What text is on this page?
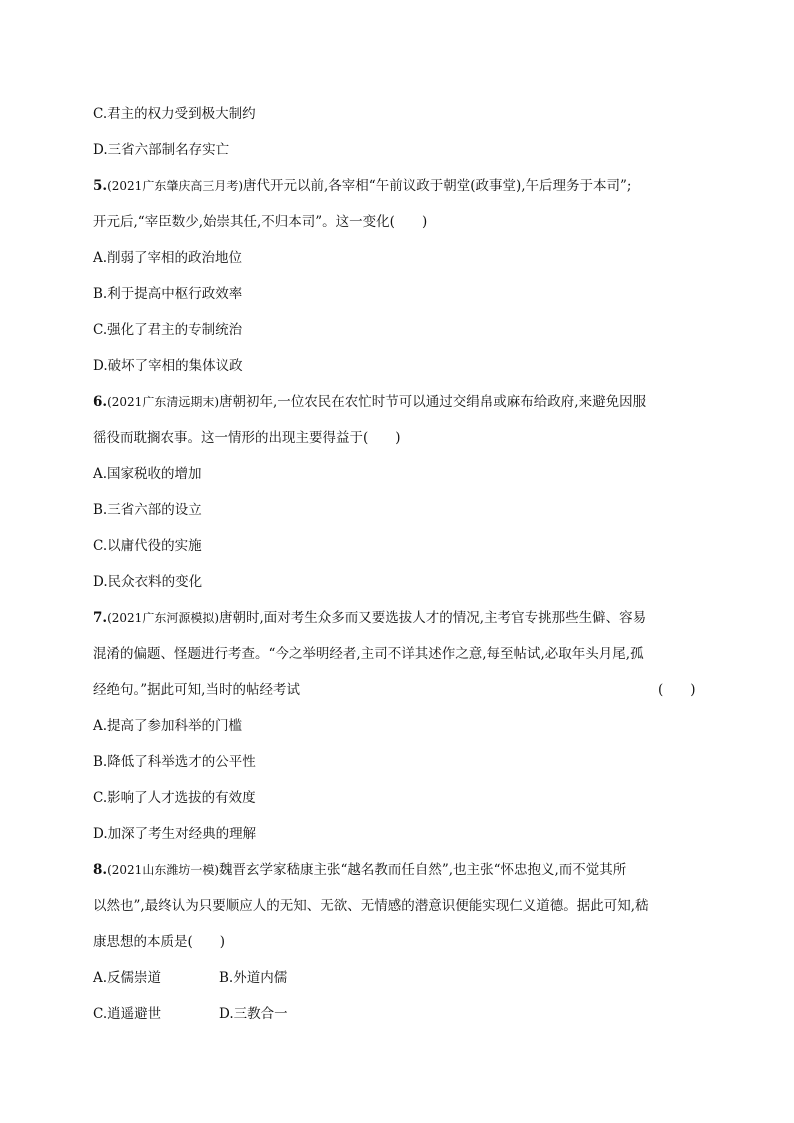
C.君主的权力受到极大制约
D.三省六部制名存实亡
5.(2021广东肇庆高三月考)唐代开元以前,各宰相“午前议政于朝堂(政事堂),午后理务于本司”;
开元后,“宰臣数少,始崇其任,不归本司”。这一变化(　　)
A.削弱了宰相的政治地位
B.利于提高中枢行政效率
C.强化了君主的专制统治
D.破坏了宰相的集体议政
6.(2021广东清远期末)唐朝初年,一位农民在农忙时节可以通过交绢帛或麻布给政府,来避免因服
徭役而耽搁农事。这一情形的出现主要得益于(　　)
A.国家税收的增加
B.三省六部的设立
C.以庸代役的实施
D.民众衣料的变化
7.(2021广东河源模拟)唐朝时,面对考生众多而又要选拔人才的情况,主考官专挑那些生僻、容易
混淆的偏题、怪题进行考查。“今之举明经者,主司不详其述作之意,每至帖试,必取年头月尾,孤
经绝句。”据此可知,当时的帖经考试	(　　)
A.提高了参加科举的门槛
B.降低了科举选才的公平性
C.影响了人才选拔的有效度
D.加深了考生对经典的理解
8.(2021山东潍坊一模)魏晋玄学家嵇康主张“越名教而任自然”,也主张“怀忠抱义,而不觉其所
以然也”,最终认为只要顺应人的无知、无欲、无情感的潜意识便能实现仁义道德。据此可知,嵇
康思想的本质是(　　)
A.反儒崇道	B.外道内儒
C.逍遥避世	D.三教合一
